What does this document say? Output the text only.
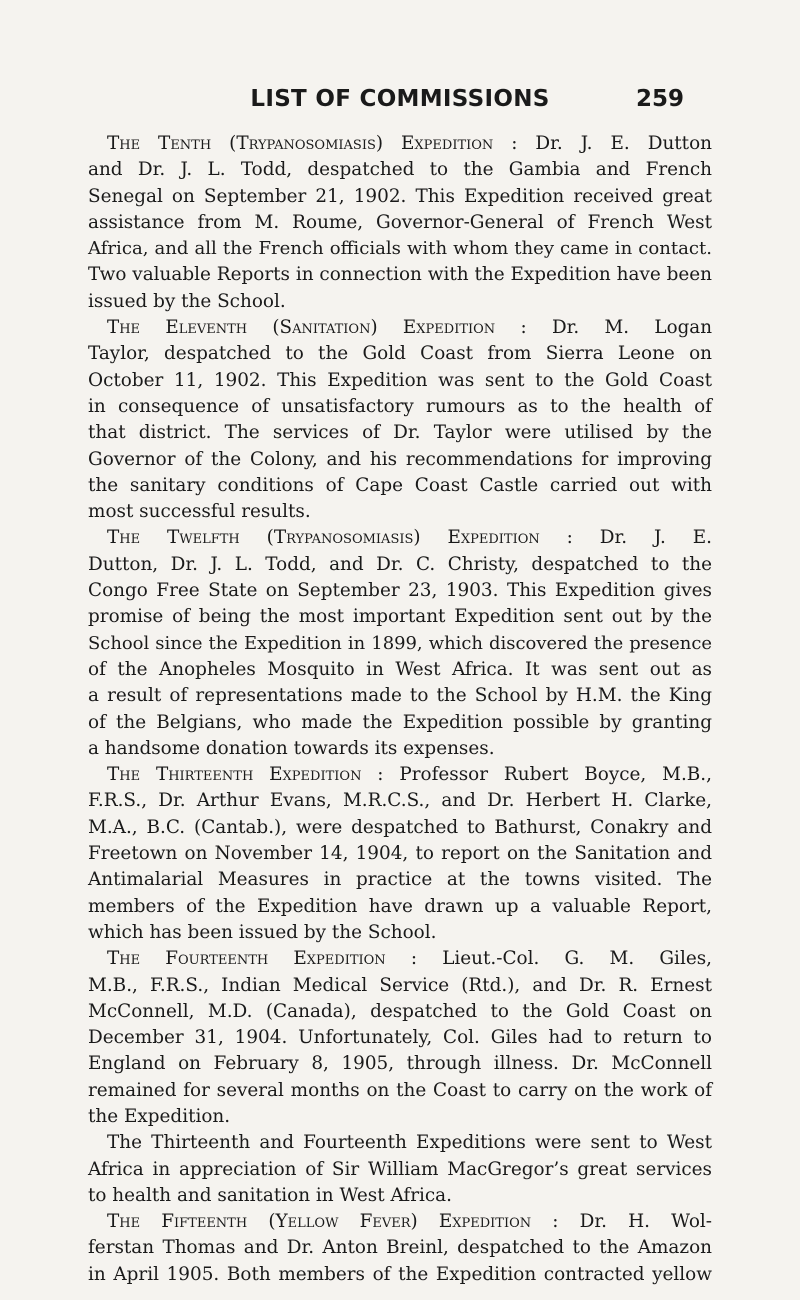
LIST OF COMMISSIONS	259
The Tenth (Trypanosomiasis) Expedition : Dr. J. E. Dutton
and Dr. J. L. Todd, despatched to the Gambia and French
Senegal on September 21, 1902. This Expedition received great
assistance from M. Roume, Governor-General of French West
Africa, and all the French officials with whom they came in contact.
Two valuable Reports in connection with the Expedition have been
issued by the School.
The Eleventh (Sanitation) Expedition : Dr. M. Logan
Taylor, despatched to the Gold Coast from Sierra Leone on
October 11, 1902. This Expedition was sent to the Gold Coast
in consequence of unsatisfactory rumours as to the health of
that district. The services of Dr. Taylor were utilised by the
Governor of the Colony, and his recommendations for improving
the sanitary conditions of Cape Coast Castle carried out with
most successful results.
The Twelfth (Trypanosomiasis) Expedition : Dr. J. E.
Dutton, Dr. J. L. Todd, and Dr. C. Christy, despatched to the
Congo Free State on September 23, 1903. This Expedition gives
promise of being the most important Expedition sent out by the
School since the Expedition in 1899, which discovered the presence
of the Anopheles Mosquito in West Africa. It was sent out as
a result of representations made to the School by H.M. the King
of the Belgians, who made the Expedition possible by granting
a handsome donation towards its expenses.
The Thirteenth Expedition : Professor Rubert Boyce, M.B.,
F.R.S., Dr. Arthur Evans, M.R.C.S., and Dr. Herbert H. Clarke,
M.A., B.C. (Cantab.), were despatched to Bathurst, Conakry and
Freetown on November 14, 1904, to report on the Sanitation and
Antimalarial Measures in practice at the towns visited. The
members of the Expedition have drawn up a valuable Report,
which has been issued by the School.
The Fourteenth Expedition : Lieut.-Col. G. M. Giles,
M.B., F.R.S., Indian Medical Service (Rtd.), and Dr. R. Ernest
McConnell, M.D. (Canada), despatched to the Gold Coast on
December 31, 1904. Unfortunately, Col. Giles had to return to
England on February 8, 1905, through illness. Dr. McConnell
remained for several months on the Coast to carry on the work of
the Expedition.
The Thirteenth and Fourteenth Expeditions were sent to West
Africa in appreciation of Sir William MacGregor’s great services
to health and sanitation in West Africa.
The Fifteenth (Yellow Fever) Expedition : Dr. H. Wol-
ferstan Thomas and Dr. Anton Breinl, despatched to the Amazon
in April 1905. Both members of the Expedition contracted yellow
